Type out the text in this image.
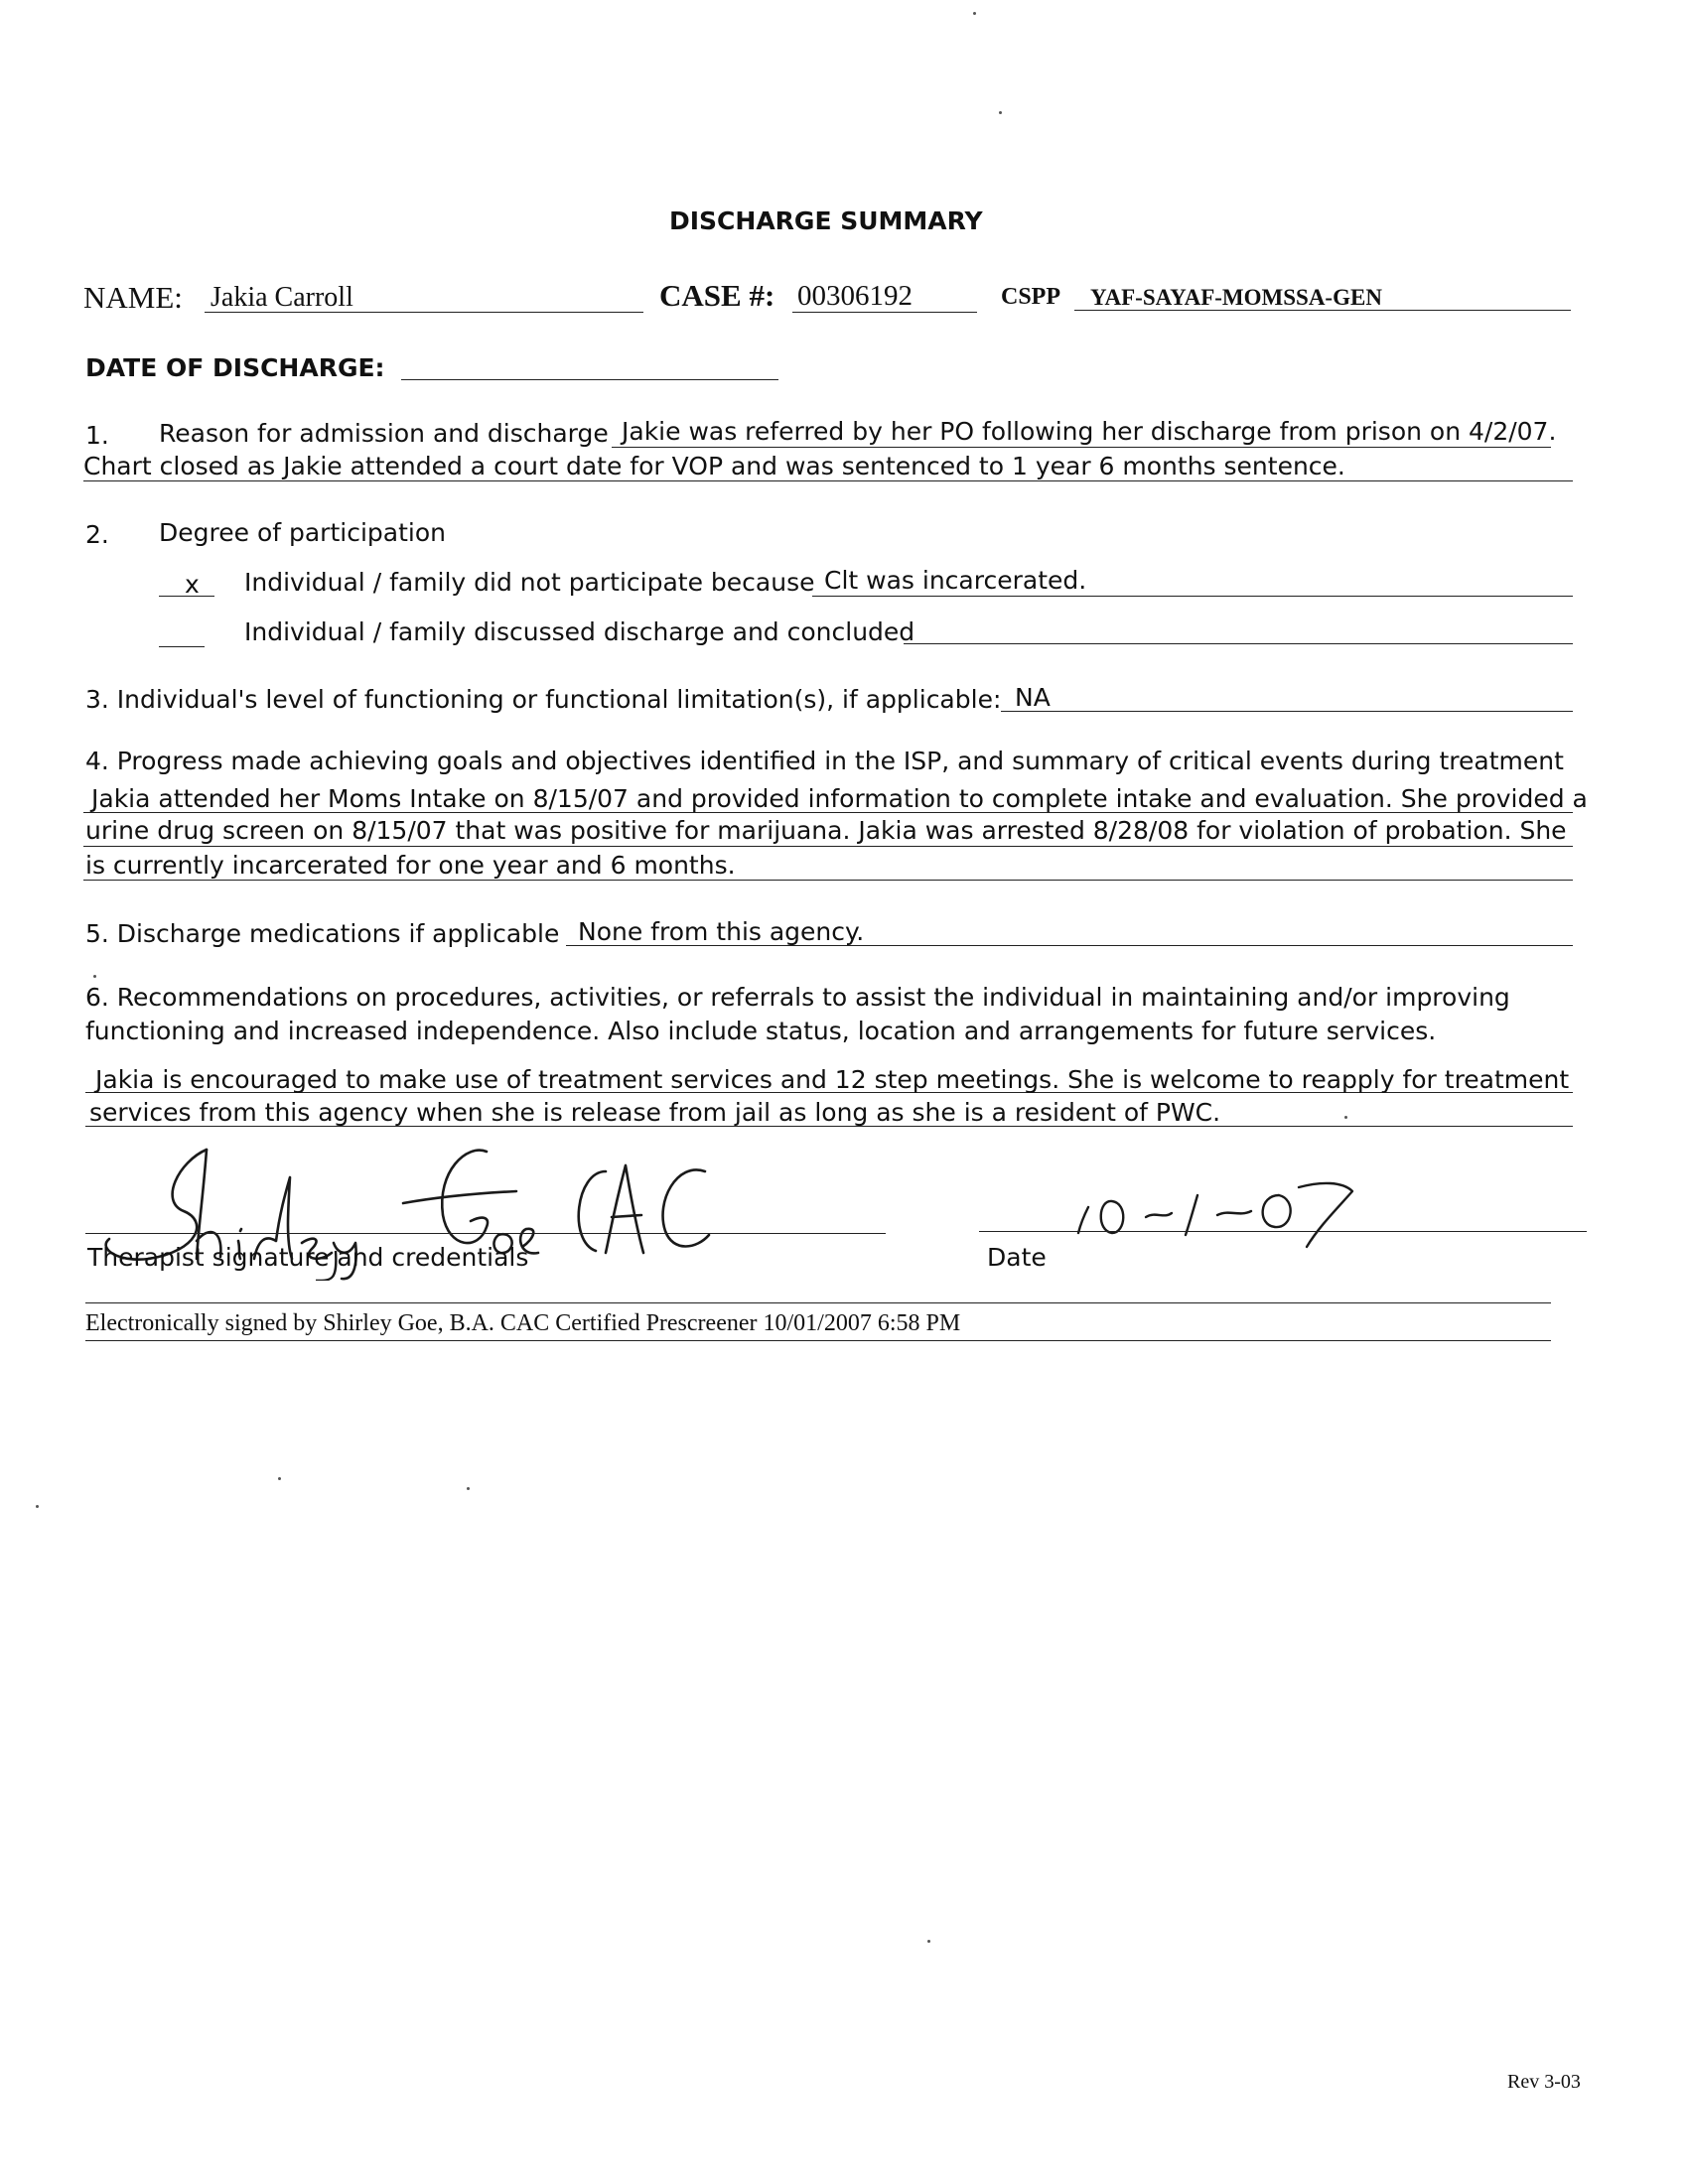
DISCHARGE SUMMARY
NAME: Jakia Carroll	CASE #: 00306192	CSPP YAF-SAYAF-MOMSSA-GEN
DATE OF DISCHARGE:
1. Reason for admission and discharge Jakie was referred by her PO following her discharge from prison on 4/2/07.
Chart closed as Jakie attended a court date for VOP and was sentenced to 1 year 6 months sentence.
2. Degree of participation
x Individual / family did not participate because Clt was incarcerated.
Individual / family discussed discharge and concluded
3. Individual's level of functioning or functional limitation(s), if applicable: NA
4. Progress made achieving goals and objectives identified in the ISP, and summary of critical events during treatment
Jakia attended her Moms Intake on 8/15/07 and provided information to complete intake and evaluation. She provided a
urine drug screen on 8/15/07 that was positive for marijuana. Jakia was arrested 8/28/08 for violation of probation. She
is currently incarcerated for one year and 6 months.
5. Discharge medications if applicable None from this agency.
6. Recommendations on procedures, activities, or referrals to assist the individual in maintaining and/or improving
functioning and increased independence. Also include status, location and arrangements for future services.
Jakia is encouraged to make use of treatment services and 12 step meetings. She is welcome to reapply for treatment
services from this agency when she is release from jail as long as she is a resident of PWC.
Therapist signature and credentials	Date
Electronically signed by Shirley Goe, B.A. CAC Certified Prescreener 10/01/2007 6:58 PM
Rev 3-03
